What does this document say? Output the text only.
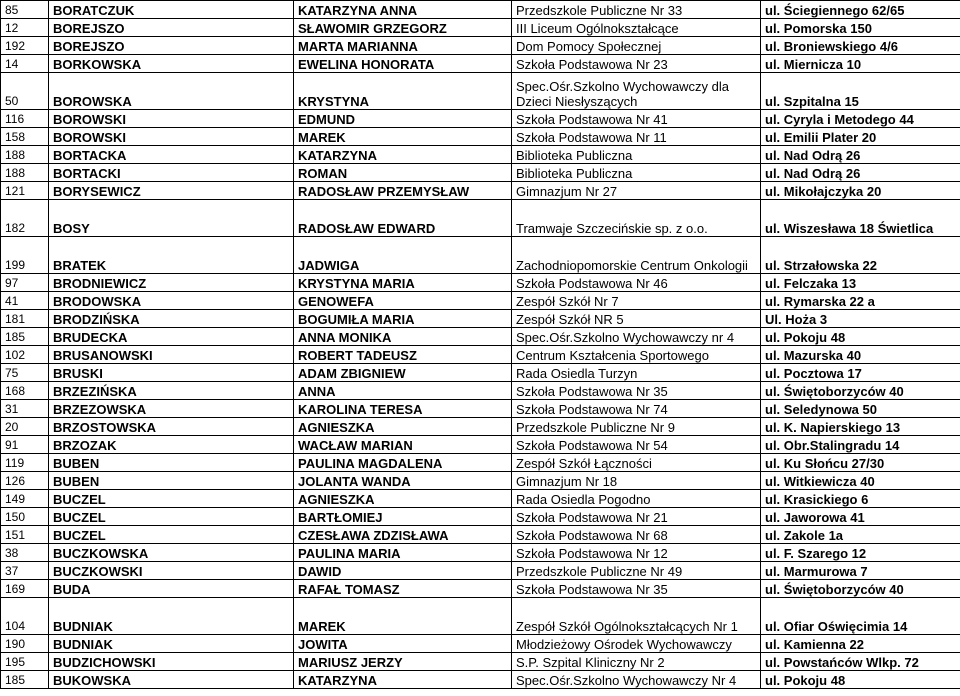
85	BORATCZUK	KATARZYNA ANNA	Przedszkole Publiczne Nr 33	ul. Ściegiennego 62/65
12	BOREJSZO	SŁAWOMIR GRZEGORZ	III Liceum Ogólnokształcące	ul. Pomorska 150
192	BOREJSZO	MARTA MARIANNA	Dom Pomocy Społecznej	ul. Broniewskiego 4/6
14	BORKOWSKA	EWELINA HONORATA	Szkoła Podstawowa Nr 23	ul. Miernicza 10
50	BOROWSKA	KRYSTYNA	Spec.Ośr.Szkolno Wychowawczy dla
Dzieci Niesłyszących	ul. Szpitalna 15
116	BOROWSKI	EDMUND	Szkoła Podstawowa Nr 41	ul. Cyryla i Metodego 44
158	BOROWSKI	MAREK	Szkoła Podstawowa Nr 11	ul. Emilii Plater 20
188	BORTACKA	KATARZYNA	Biblioteka Publiczna	ul. Nad Odrą 26
188	BORTACKI	ROMAN	Biblioteka Publiczna	ul. Nad Odrą 26
121	BORYSEWICZ	RADOSŁAW PRZEMYSŁAW	Gimnazjum Nr 27	ul. Mikołajczyka 20
182	BOSY	RADOSŁAW EDWARD	Tramwaje Szczecińskie sp. z o.o.	ul. Wiszesława 18 Świetlica
199	BRATEK	JADWIGA	Zachodniopomorskie Centrum Onkologii	ul. Strzałowska 22
97	BRODNIEWICZ	KRYSTYNA MARIA	Szkoła Podstawowa Nr 46	ul. Felczaka 13
41	BRODOWSKA	GENOWEFA	Zespół Szkół Nr 7	ul. Rymarska 22 a
181	BRODZIŃSKA	BOGUMIŁA MARIA	Zespół Szkół NR 5	Ul. Hoża 3
185	BRUDECKA	ANNA MONIKA	Spec.Ośr.Szkolno Wychowawczy nr 4	ul. Pokoju 48
102	BRUSANOWSKI	ROBERT TADEUSZ	Centrum Kształcenia Sportowego	ul. Mazurska 40
75	BRUSKI	ADAM ZBIGNIEW	Rada Osiedla Turzyn	ul. Pocztowa 17
168	BRZEZIŃSKA	ANNA	Szkoła Podstawowa Nr 35	ul. Świętoborzyców 40
31	BRZEZOWSKA	KAROLINA TERESA	Szkoła Podstawowa Nr 74	ul. Seledynowa 50
20	BRZOSTOWSKA	AGNIESZKA	Przedszkole Publiczne Nr 9	ul. K. Napierskiego 13
91	BRZOZAK	WACŁAW MARIAN	Szkoła Podstawowa Nr 54	ul. Obr.Stalingradu 14
119	BUBEN	PAULINA MAGDALENA	Zespół Szkół Łączności	ul. Ku Słońcu 27/30
126	BUBEN	JOLANTA WANDA	Gimnazjum Nr 18	ul. Witkiewicza 40
149	BUCZEL	AGNIESZKA	Rada Osiedla Pogodno	ul. Krasickiego 6
150	BUCZEL	BARTŁOMIEJ	Szkoła Podstawowa Nr 21	ul. Jaworowa 41
151	BUCZEL	CZESŁAWA ZDZISŁAWA	Szkoła Podstawowa Nr 68	ul. Zakole 1a
38	BUCZKOWSKA	PAULINA MARIA	Szkoła Podstawowa Nr 12	ul. F. Szarego 12
37	BUCZKOWSKI	DAWID	Przedszkole Publiczne Nr 49	ul. Marmurowa 7
169	BUDA	RAFAŁ TOMASZ	Szkoła Podstawowa Nr 35	ul. Świętoborzyców 40
104	BUDNIAK	MAREK	Zespół Szkół Ogólnokształcących Nr 1	ul. Ofiar Oświęcimia 14
190	BUDNIAK	JOWITA	Młodzieżowy Ośrodek Wychowawczy	ul. Kamienna 22
195	BUDZICHOWSKI	MARIUSZ JERZY	S.P. Szpital Kliniczny Nr 2	ul. Powstańców Wlkp. 72
185	BUKOWSKA	KATARZYNA	Spec.Ośr.Szkolno Wychowawczy Nr 4	ul. Pokoju 48
